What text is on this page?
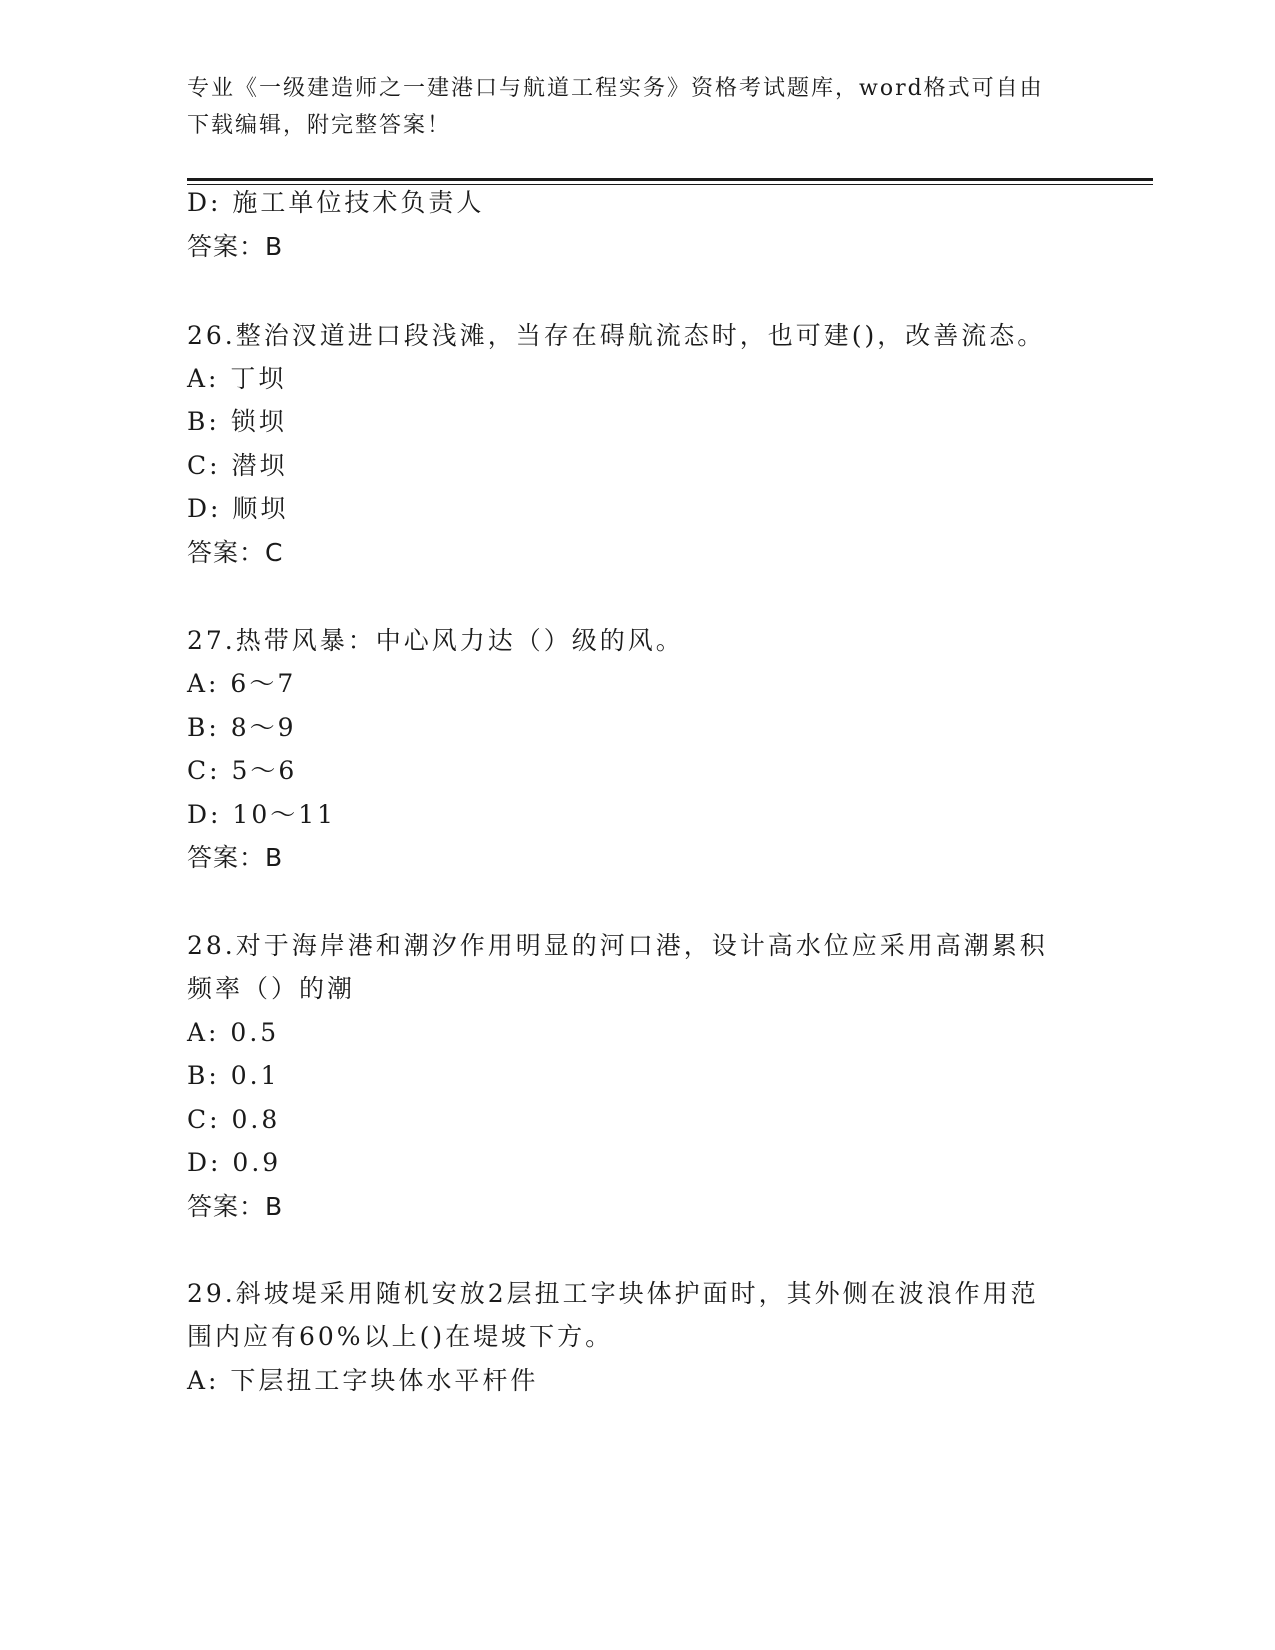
专业《一级建造师之一建港口与航道工程实务》资格考试题库，word格式可自由
下载编辑，附完整答案！
D: 施工单位技术负责人
答案：B
26.整治汊道进口段浅滩，当存在碍航流态时，也可建()，改善流态。
A: 丁坝
B: 锁坝
C: 潜坝
D: 顺坝
答案：C
27.热带风暴：中心风力达（）级的风。
A: 6～7
B: 8～9
C: 5～6
D: 10～11
答案：B
28.对于海岸港和潮汐作用明显的河口港，设计高水位应采用高潮累积
频率（）的潮
A: 0.5
B: 0.1
C: 0.8
D: 0.9
答案：B
29.斜坡堤采用随机安放2层扭工字块体护面时，其外侧在波浪作用范
围内应有60%以上()在堤坡下方。
A: 下层扭工字块体水平杆件
